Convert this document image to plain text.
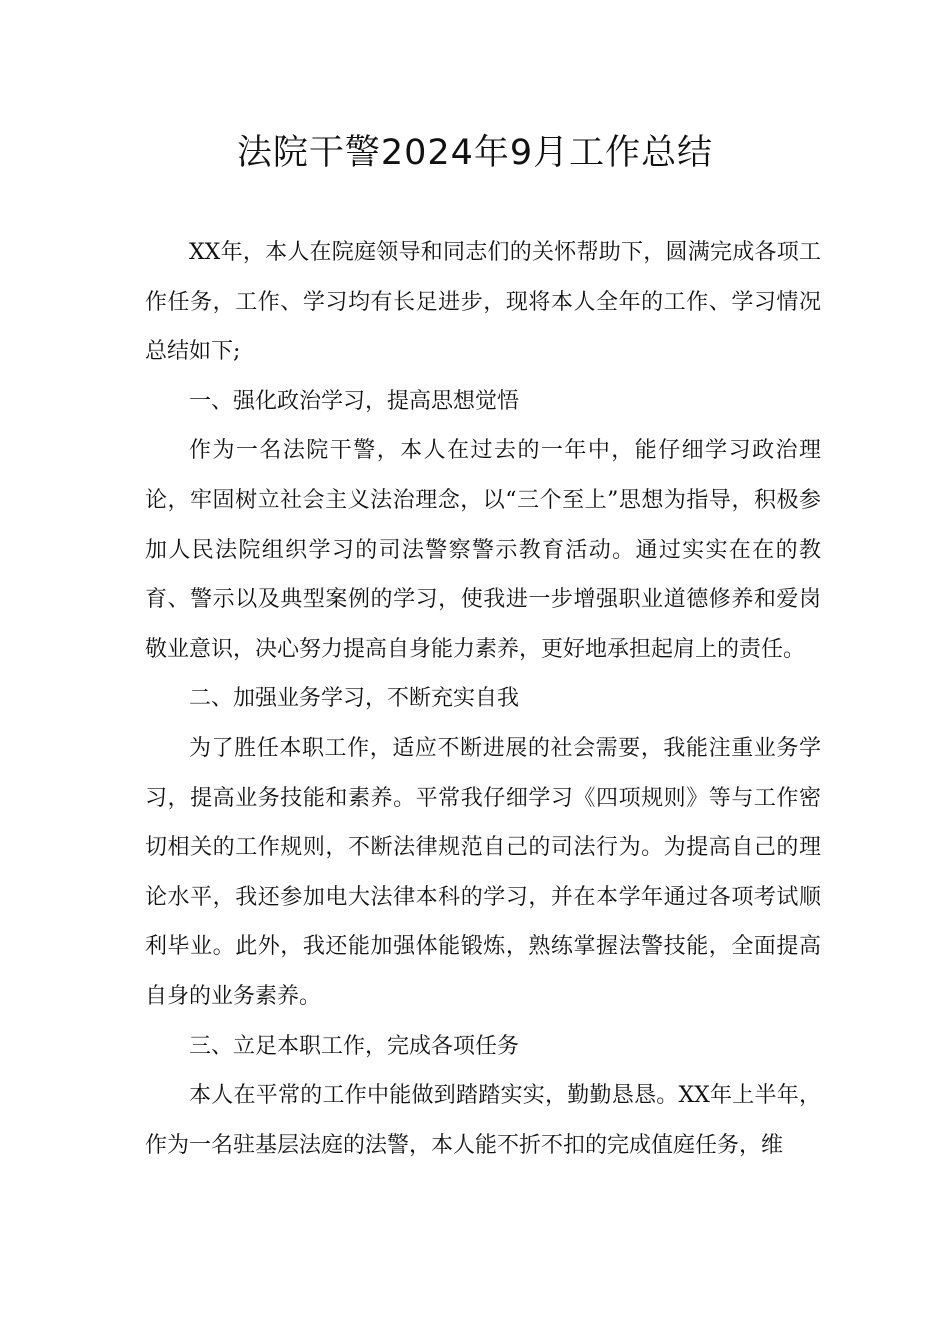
法院干警2024年9月工作总结

XX年，本人在院庭领导和同志们的关怀帮助下，圆满完成各项工作任务，工作、学习均有长足进步，现将本人全年的工作、学习情况总结如下;

一、强化政治学习，提高思想觉悟

作为一名法院干警，本人在过去的一年中，能仔细学习政治理论，牢固树立社会主义法治理念，以“三个至上”思想为指导，积极参加人民法院组织学习的司法警察警示教育活动。通过实实在在的教育、警示以及典型案例的学习，使我进一步增强职业道德修养和爱岗敬业意识，决心努力提高自身能力素养，更好地承担起肩上的责任。

二、加强业务学习，不断充实自我

为了胜任本职工作，适应不断进展的社会需要，我能注重业务学习，提高业务技能和素养。平常我仔细学习《四项规则》等与工作密切相关的工作规则，不断法律规范自己的司法行为。为提高自己的理论水平，我还参加电大法律本科的学习，并在本学年通过各项考试顺利毕业。此外，我还能加强体能锻炼，熟练掌握法警技能，全面提高自身的业务素养。

三、立足本职工作，完成各项任务

本人在平常的工作中能做到踏踏实实，勤勤恳恳。XX年上半年，作为一名驻基层法庭的法警，本人能不折不扣的完成值庭任务，维
